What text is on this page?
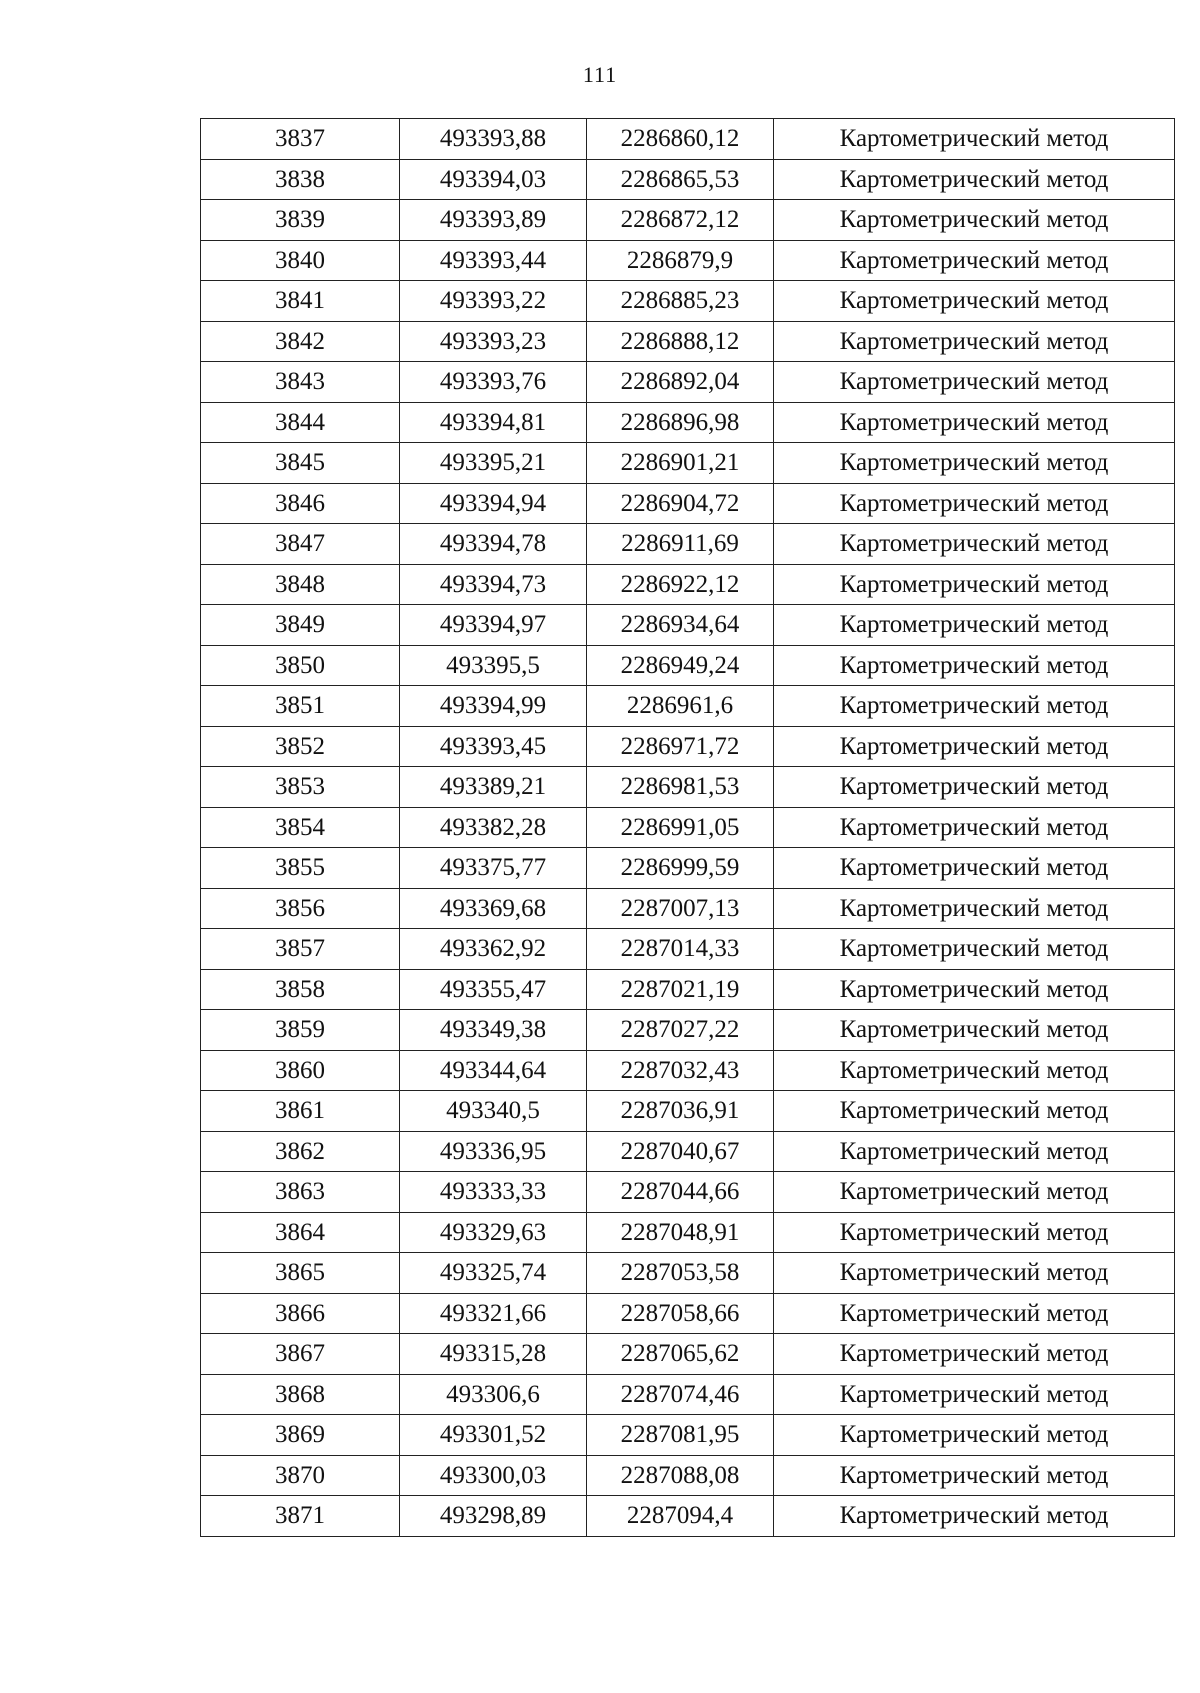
111
3837	493393,88	2286860,12	Картометрический метод
3838	493394,03	2286865,53	Картометрический метод
3839	493393,89	2286872,12	Картометрический метод
3840	493393,44	2286879,9	Картометрический метод
3841	493393,22	2286885,23	Картометрический метод
3842	493393,23	2286888,12	Картометрический метод
3843	493393,76	2286892,04	Картометрический метод
3844	493394,81	2286896,98	Картометрический метод
3845	493395,21	2286901,21	Картометрический метод
3846	493394,94	2286904,72	Картометрический метод
3847	493394,78	2286911,69	Картометрический метод
3848	493394,73	2286922,12	Картометрический метод
3849	493394,97	2286934,64	Картометрический метод
3850	493395,5	2286949,24	Картометрический метод
3851	493394,99	2286961,6	Картометрический метод
3852	493393,45	2286971,72	Картометрический метод
3853	493389,21	2286981,53	Картометрический метод
3854	493382,28	2286991,05	Картометрический метод
3855	493375,77	2286999,59	Картометрический метод
3856	493369,68	2287007,13	Картометрический метод
3857	493362,92	2287014,33	Картометрический метод
3858	493355,47	2287021,19	Картометрический метод
3859	493349,38	2287027,22	Картометрический метод
3860	493344,64	2287032,43	Картометрический метод
3861	493340,5	2287036,91	Картометрический метод
3862	493336,95	2287040,67	Картометрический метод
3863	493333,33	2287044,66	Картометрический метод
3864	493329,63	2287048,91	Картометрический метод
3865	493325,74	2287053,58	Картометрический метод
3866	493321,66	2287058,66	Картометрический метод
3867	493315,28	2287065,62	Картометрический метод
3868	493306,6	2287074,46	Картометрический метод
3869	493301,52	2287081,95	Картометрический метод
3870	493300,03	2287088,08	Картометрический метод
3871	493298,89	2287094,4	Картометрический метод
